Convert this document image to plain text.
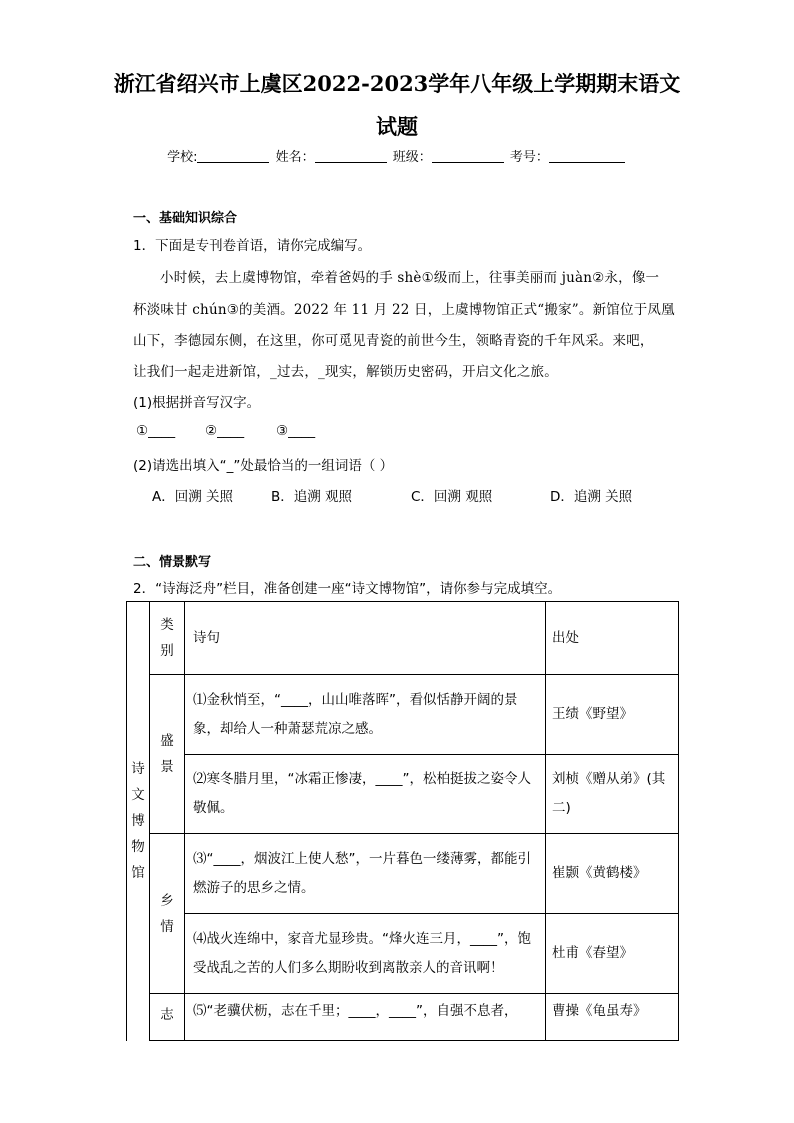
浙江省绍兴市上虞区2022-2023学年八年级上学期期末语文
试题
学校:	姓名：	班级：	考号：
一、基础知识综合
1．下面是专刊卷首语，请你完成编写。
小时候，去上虞博物馆，牵着爸妈的手 shè①级而上，往事美丽而 juàn②永，像一
杯淡味甘 chún③的美酒。2022 年 11 月 22 日，上虞博物馆正式“搬家”。新馆位于凤凰
山下，李德园东侧，在这里，你可觅见青瓷的前世今生，领略青瓷的千年风采。来吧，
让我们一起走进新馆，_过去，_现实，解锁历史密码，开启文化之旅。
(1)根据拼音写汉字。
①____ ②____ ③____
(2)请选出填入“_”处最恰当的一组词语（ ）
A．回溯 关照	B．追溯 观照	C．回溯 观照	D．追溯 关照
二、情景默写
2．“诗海泛舟”栏目，准备创建一座“诗文博物馆”，请你参与完成填空。
诗文博物馆	类别	诗句	出处
	盛景	⑴金秋悄至，“____，山山唯落晖”，看似恬静开阔的景象，却给人一种萧瑟荒凉之感。	王绩《野望》
		⑵寒冬腊月里，“冰霜正惨凄，____”，松柏挺拔之姿令人敬佩。	刘桢《赠从弟》(其二)
	乡情	⑶“____，烟波江上使人愁”，一片暮色一缕薄雾，都能引燃游子的思乡之情。	崔颢《黄鹤楼》
		⑷战火连绵中，家音尤显珍贵。“烽火连三月，____”，饱受战乱之苦的人们多么期盼收到离散亲人的音讯啊！	杜甫《春望》
	志	⑸“老骥伏枥，志在千里；____，____”，自强不息者，	曹操《龟虽寿》
